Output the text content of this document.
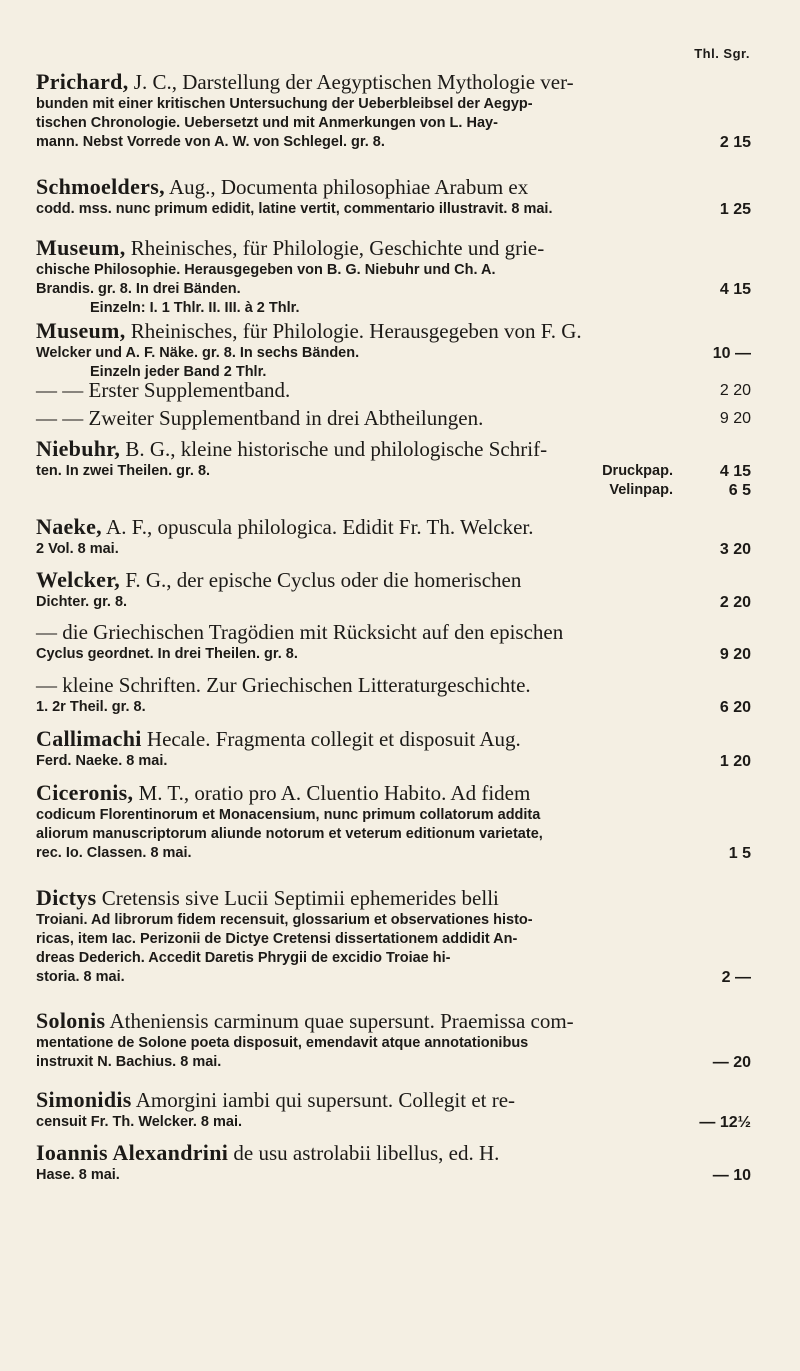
Thl. Sgr.
Prichard, J. C., Darstellung der Aegyptischen Mythologie ver-
bunden mit einer kritischen Untersuchung der Ueberbleibsel der Aegyp-
tischen Chronologie. Uebersetzt und mit Anmerkungen von L. Hay-
mann. Nebst Vorrede von A. W. von Schlegel. gr. 8.	2 15
Schmoelders, Aug., Documenta philosophiae Arabum ex
codd. mss. nunc primum edidit, latine vertit, commentario illustravit. 8 mai.	1 25
Museum, Rheinisches, für Philologie, Geschichte und grie-
chische Philosophie. Herausgegeben von B. G. Niebuhr und Ch. A.
Brandis. gr. 8. In drei Bänden.	4 15
Einzeln: I. 1 Thlr. II. III. à 2 Thlr.
Museum, Rheinisches, für Philologie. Herausgegeben von F. G.
Welcker und A. F. Näke. gr. 8. In sechs Bänden.	10 —
Einzeln jeder Band 2 Thlr.
— — Erster Supplementband.	2 20
— — Zweiter Supplementband in drei Abtheilungen.	9 20
Niebuhr, B. G., kleine historische und philologische Schrif-
ten. In zwei Theilen. gr. 8.	Druckpap.	4 15

Velinpap.	6 5
Naeke, A. F., opuscula philologica. Edidit Fr. Th. Welcker.
2 Vol. 8 mai.	3 20
Welcker, F. G., der epische Cyclus oder die homerischen
Dichter. gr. 8.	2 20
— die Griechischen Tragödien mit Rücksicht auf den epischen
Cyclus geordnet. In drei Theilen. gr. 8.	9 20
— kleine Schriften. Zur Griechischen Litteraturgeschichte.
1. 2r Theil. gr. 8.	6 20
Callimachi Hecale. Fragmenta collegit et disposuit Aug.
Ferd. Naeke. 8 mai.	1 20
Ciceronis, M. T., oratio pro A. Cluentio Habito. Ad fidem
codicum Florentinorum et Monacensium, nunc primum collatorum addita
aliorum manuscriptorum aliunde notorum et veterum editionum varietate,
rec. Io. Classen. 8 mai.	1 5
Dictys Cretensis sive Lucii Septimii ephemerides belli
Troiani. Ad librorum fidem recensuit, glossarium et observationes histo-
ricas, item Iac. Perizonii de Dictye Cretensi dissertationem addidit An-
dreas Dederich. Accedit Daretis Phrygii de excidio Troiae hi-
storia. 8 mai.	2 —
Solonis Atheniensis carminum quae supersunt. Praemissa com-
mentatione de Solone poeta disposuit, emendavit atque annotationibus
instruxit N. Bachius. 8 mai.	— 20
Simonidis Amorgini iambi qui supersunt. Collegit et re-
censuit Fr. Th. Welcker. 8 mai.	— 12½
Ioannis Alexandrini de usu astrolabii libellus, ed. H.
Hase. 8 mai.	— 10
